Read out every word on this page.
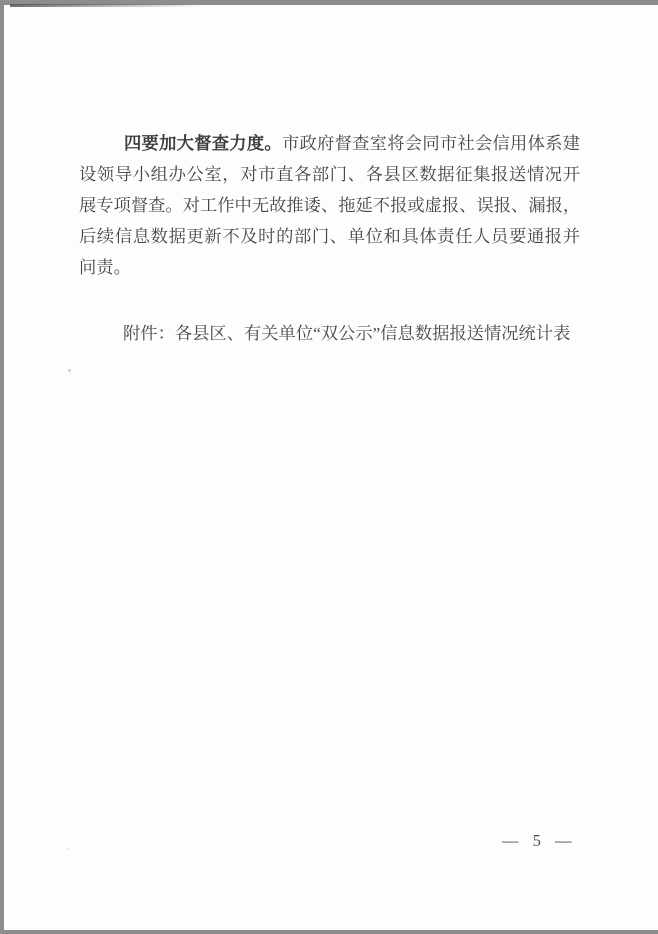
四要加大督查力度。市政府督查室将会同市社会信用体系建
设领导小组办公室，对市直各部门、各县区数据征集报送情况开
展专项督查。对工作中无故推诿、拖延不报或虚报、误报、漏报，
后续信息数据更新不及时的部门、单位和具体责任人员要通报并
问责。
附件：各县区、有关单位“双公示”信息数据报送情况统计表
— 5 —
